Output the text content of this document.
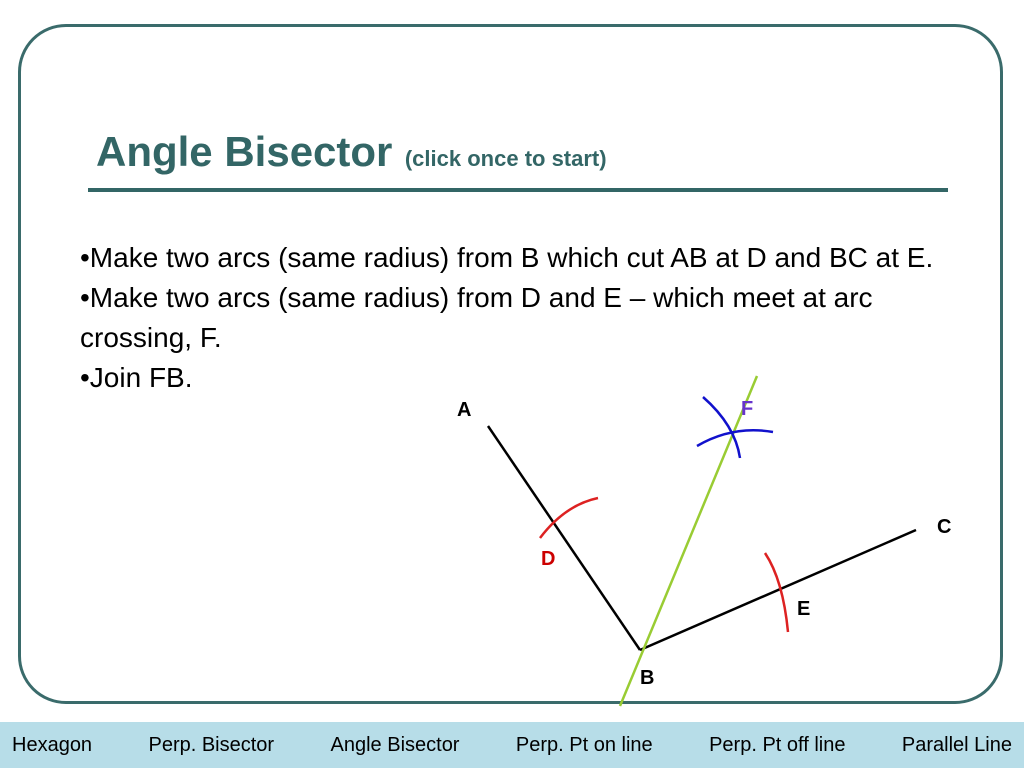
Angle Bisector (click once to start)

•Make two arcs (same radius) from B which cut AB at D and BC at E.

•Make two arcs (same radius) from D and E – which meet at arc crossing, F.

•Join FB.

A
B
C
D
E
F
Hexagon	Perp. Bisector	Angle Bisector	Perp. Pt on line	Perp. Pt off line	Parallel Line
